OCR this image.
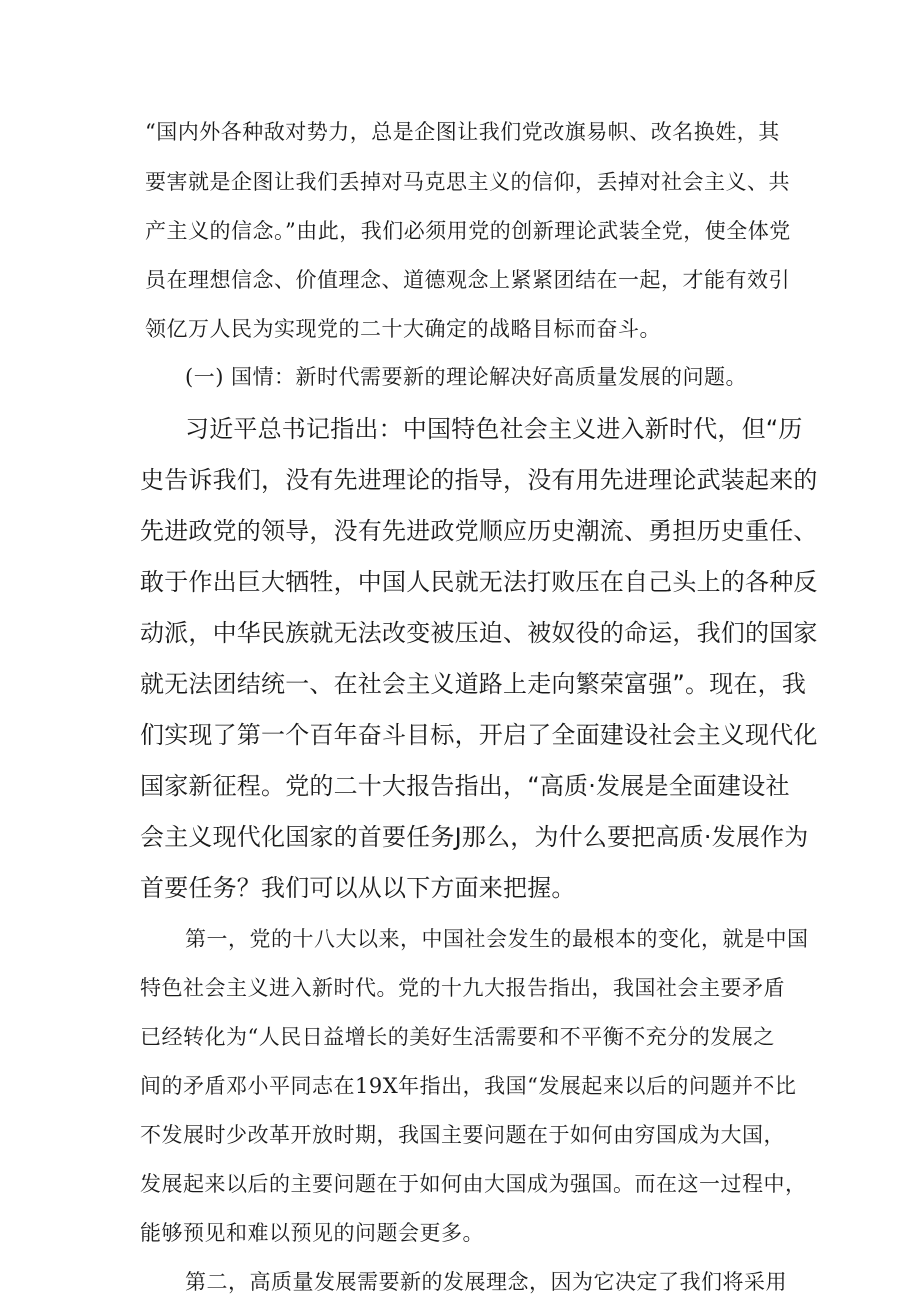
“国内外各种敌对势力，总是企图让我们党改旗易帜、改名换姓，其
要害就是企图让我们丢掉对马克思主义的信仰，丢掉对社会主义、共
产主义的信念。”由此，我们必须用党的创新理论武装全党，使全体党
员在理想信念、价值理念、道德观念上紧紧团结在一起，才能有效引
领亿万人民为实现党的二十大确定的战略目标而奋斗。
(一) 国情：新时代需要新的理论解决好高质量发展的问题。
习近平总书记指出：中国特色社会主义进入新时代，但“历
史告诉我们，没有先进理论的指导，没有用先进理论武装起来的
先进政党的领导，没有先进政党顺应历史潮流、勇担历史重任、
敢于作出巨大牺牲，中国人民就无法打败压在自己头上的各种反
动派，中华民族就无法改变被压迫、被奴役的命运，我们的国家
就无法团结统一、在社会主义道路上走向繁荣富强”。现在，我
们实现了第一个百年奋斗目标，开启了全面建设社会主义现代化
国家新征程。党的二十大报告指出，“高质·发展是全面建设社
会主义现代化国家的首要任务J那么，为什么要把高质·发展作为
首要任务？我们可以从以下方面来把握。
第一，党的十八大以来，中国社会发生的最根本的变化，就是中国
特色社会主义进入新时代。党的十九大报告指出，我国社会主要矛盾
已经转化为“人民日益增长的美好生活需要和不平衡不充分的发展之
间的矛盾邓小平同志在19X年指出，我国“发展起来以后的问题并不比
不发展时少改革开放时期，我国主要问题在于如何由穷国成为大国，
发展起来以后的主要问题在于如何由大国成为强国。而在这一过程中，
能够预见和难以预见的问题会更多。
第二，高质量发展需要新的发展理念，因为它决定了我们将采用
